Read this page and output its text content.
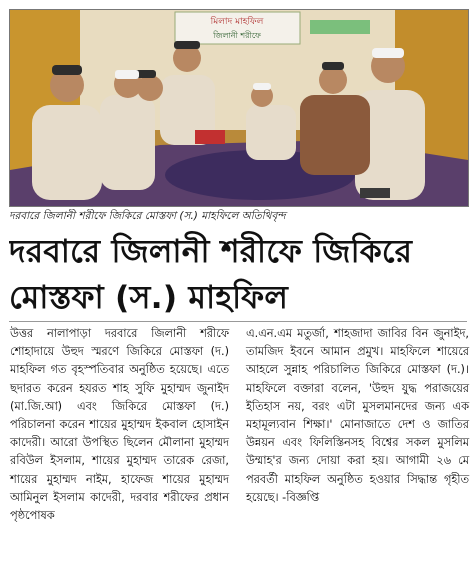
মিলাদ মাহফিল
জিলানী শরীফে
দরবারে জিলানী শরীফে জিকিরে মোস্তফা (স.) মাহফিলে অতিথিবৃন্দ
দরবারে জিলানী শরীফে জিকিরে
মোস্তফা (স.) মাহফিল

উত্তর নালাপাড়া দরবারে জিলানী শরীফে শোহাদায়ে উহুদ স্মরণে জিকিরে মোস্তফা (দ.) মাহফিল গত বৃহস্পতিবার অনুষ্ঠিত হয়েছে। এতে ছদারত করেন হযরত শাহ সুফি মুহাম্মদ জুনাইদ (মা.জি.আ) এবং জিকিরে মোস্তফা (দ.) পরিচালনা করেন শায়ের মুহাম্মদ ইকবাল হোসাইন কাদেরী। আরো উপস্থিত ছিলেন মৌলানা মুহাম্মদ রবিউল ইসলাম, শায়ের মুহাম্মদ তারেক রেজা, শায়ের মুহাম্মদ নাইম, হাফেজ শায়ের মুহাম্মদ আমিনুল ইসলাম কাদেরী, দরবার শরীফের প্রধান পৃষ্ঠপোষক

এ.এন.এম মতুর্জা, শাহজাদা জাবির বিন জুনাইদ, তামজিদ ইবনে আমান প্রমুখ। মাহফিলে শায়েরে আহলে সুন্নাহ পরিচালিত জিকিরে মোস্তফা (দ.)। মাহফিলে বক্তারা বলেন, 'উহুদ যুদ্ধ পরাজয়ের ইতিহাস নয়, বরং এটা মুসলমানদের জন্য এক মহামূল্যবান শিক্ষা।' মোনাজাতে দেশ ও জাতির উন্নয়ন এবং ফিলিস্তিনসহ বিশ্বের সকল মুসলিম উম্মাহ'র জন্য দোয়া করা হয়। আগামী ২৬ মে পরবর্তী মাহফিল অনুষ্ঠিত হওয়ার সিদ্ধান্ত গৃহীত হয়েছে। -বিজ্ঞপ্তি
